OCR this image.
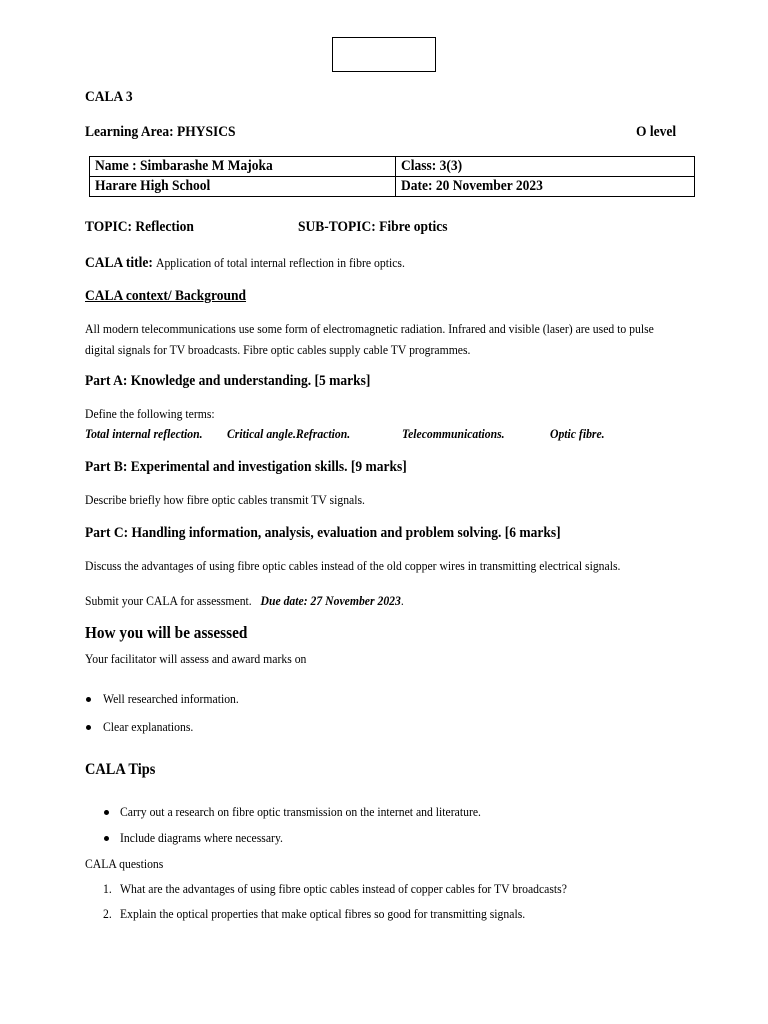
CALA 3
Learning Area: PHYSICS	O level
Name : Simbarashe M Majoka	Class: 3(3)
Harare High School	Date: 20 November 2023
TOPIC: Reflection	SUB-TOPIC: Fibre optics
CALA title: Application of total internal reflection in fibre optics.
CALA context/ Background
All modern telecommunications use some form of electromagnetic radiation. Infrared and visible (laser) are used to pulse
digital signals for TV broadcasts. Fibre optic cables supply cable TV programmes.
Part A: Knowledge and understanding. [5 marks]
Define the following terms:
Total internal reflection. Critical angle.Refraction.	Telecommunications.	Optic fibre.
Part B: Experimental and investigation skills. [9 marks]
Describe briefly how fibre optic cables transmit TV signals.
Part C: Handling information, analysis, evaluation and problem solving. [6 marks]
Discuss the advantages of using fibre optic cables instead of the old copper wires in transmitting electrical signals.
Submit your CALA for assessment. Due date: 27 November 2023.
How you will be assessed
Your facilitator will assess and award marks on
Well researched information.
Clear explanations.
CALA Tips
Carry out a research on fibre optic transmission on the internet and literature.
Include diagrams where necessary.
CALA questions
1. What are the advantages of using fibre optic cables instead of copper cables for TV broadcasts?
2. Explain the optical properties that make optical fibres so good for transmitting signals.
